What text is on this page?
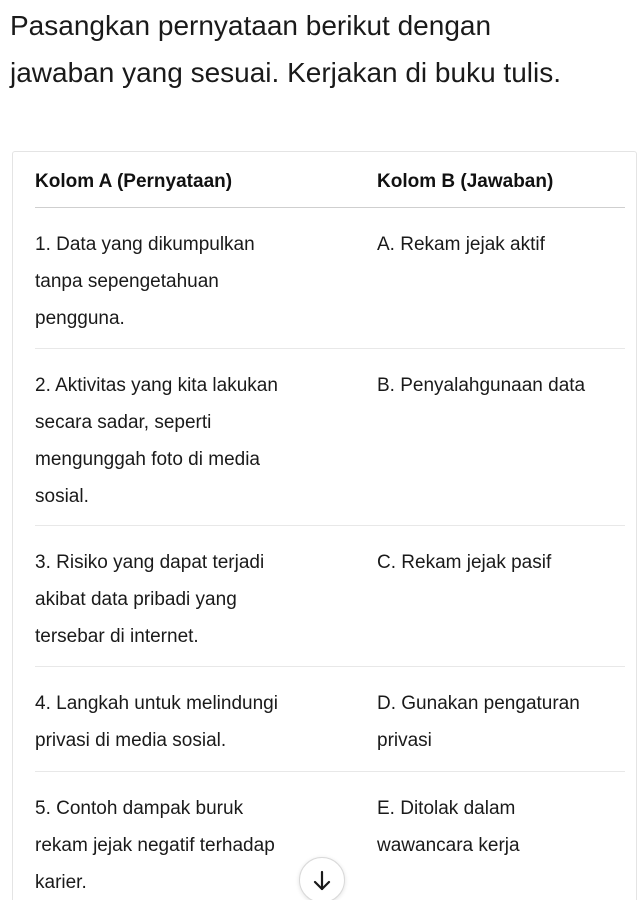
Pasangkan pernyataan berikut dengan
jawaban yang sesuai. Kerjakan di buku tulis.
Kolom A (Pernyataan)	Kolom B (Jawaban)
1. Data yang dikumpulkan
tanpa sepengetahuan
pengguna.
A. Rekam jejak aktif
2. Aktivitas yang kita lakukan
secara sadar, seperti
mengunggah foto di media
sosial.
B. Penyalahgunaan data
3. Risiko yang dapat terjadi
akibat data pribadi yang
tersebar di internet.
C. Rekam jejak pasif
4. Langkah untuk melindungi
privasi di media sosial.
D. Gunakan pengaturan
privasi
5. Contoh dampak buruk
rekam jejak negatif terhadap
karier.
E. Ditolak dalam
wawancara kerja
